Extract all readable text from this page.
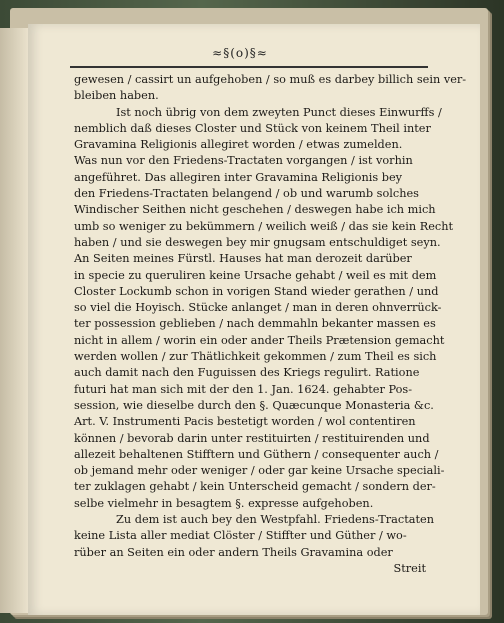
≈§(o)§≈
gewesen / cassirt un aufgehoben / so muß es darbey billich sein ver-
bleiben haben.
Ist noch übrig von dem zweyten Punct dieses Einwurffs /
nemblich daß dieses Closter und Stück von keinem Theil inter
Gravamina Religionis allegiret worden / etwas zumelden.
Was nun vor den Friedens-Tractaten vorgangen / ist vorhin
angeführet. Das allegiren inter Gravamina Religionis bey
den Friedens-Tractaten belangend / ob und warumb solches
Windischer Seithen nicht geschehen / deswegen habe ich mich
umb so weniger zu bekümmern / weilich weiß / das sie kein Recht
haben / und sie deswegen bey mir gnugsam entschuldiget seyn.
An Seiten meines Fürstl. Hauses hat man derozeit darüber
in specie zu queruliren keine Ursache gehabt / weil es mit dem
Closter Lockumb schon in vorigen Stand wieder gerathen / und
so viel die Hoyisch. Stücke anlanget / man in deren ohnverrück-
ter possession geblieben / nach demmahln bekanter massen es
nicht in allem / worin ein oder ander Theils Prætension gemacht
werden wollen / zur Thätlichkeit gekommen / zum Theil es sich
auch damit nach den Fuguissen des Kriegs regulirt. Ratione
futuri hat man sich mit der den 1. Jan. 1624. gehabter Pos-
session, wie dieselbe durch den §. Quæcunque Monasteria &c.
Art. V. Instrumenti Pacis bestetigt worden / wol contentiren
können / bevorab darin unter restituirten / restituirenden und
allezeit behaltenen Stifftern und Güthern / consequenter auch /
ob jemand mehr oder weniger / oder gar keine Ursache speciali-
ter zuklagen gehabt / kein Unterscheid gemacht / sondern der-
selbe vielmehr in besagtem §. expresse aufgehoben.
Zu dem ist auch bey den Westpfahl. Friedens-Tractaten
keine Lista aller mediat Clöster / Stiffter und Güther / wo-
rüber an Seiten ein oder andern Theils Gravamina oder
Streit
